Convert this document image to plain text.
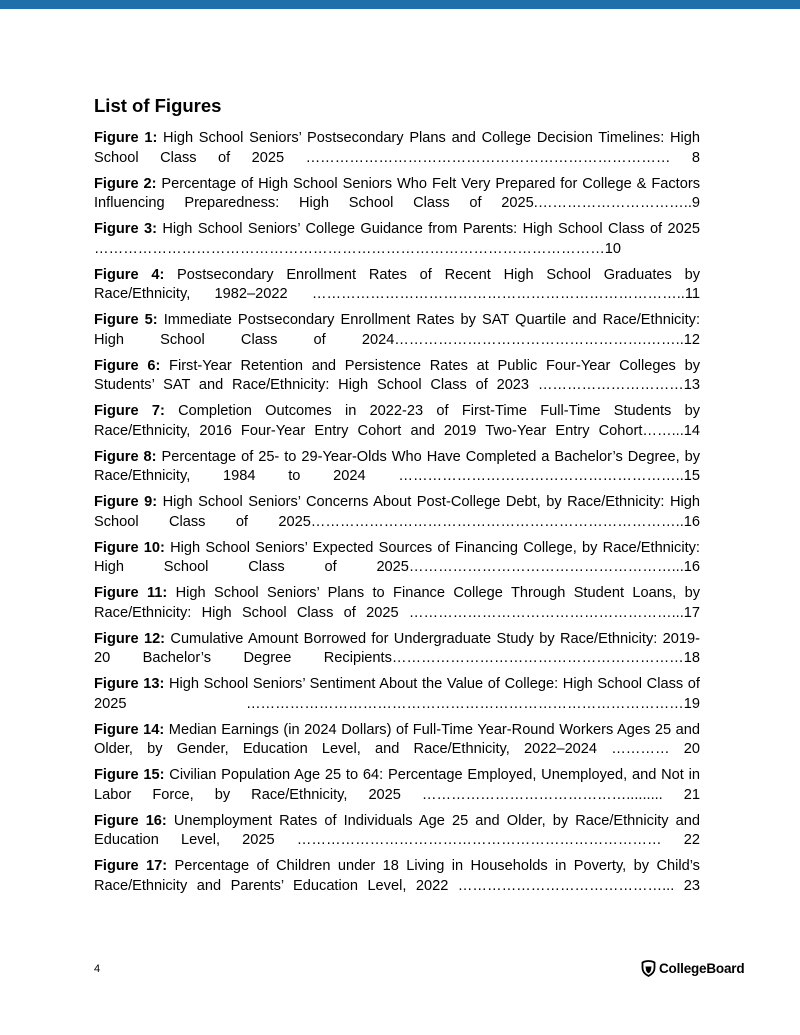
List of Figures

Figure 1: High School Seniors’ Postsecondary Plans and College Decision Timelines: High School Class of 2025 ………………………………………………………………… 8

Figure 2: Percentage of High School Seniors Who Felt Very Prepared for College & Factors Influencing Preparedness: High School Class of 2025.…………………………..9

Figure 3: High School Seniors’ College Guidance from Parents: High School Class of 2025 ……………………………………………………………………………………………10

Figure 4: Postsecondary Enrollment Rates of Recent High School Graduates by Race/Ethnicity, 1982–2022 …………………………………………………………………..11

Figure 5: Immediate Postsecondary Enrollment Rates by SAT Quartile and Race/Ethnicity: High School Class of 2024…………………………………………….……..12

Figure 6: First-Year Retention and Persistence Rates at Public Four-Year Colleges by Students’ SAT and Race/Ethnicity: High School Class of 2023 …………………………13

Figure 7: Completion Outcomes in 2022-23 of First-Time Full-Time Students by Race/Ethnicity, 2016 Four-Year Entry Cohort and 2019 Two-Year Entry Cohort……...14

Figure 8: Percentage of 25- to 29-Year-Olds Who Have Completed a Bachelor’s Degree, by Race/Ethnicity, 1984 to 2024 …………………………………………………..15

Figure 9: High School Seniors’ Concerns About Post-College Debt, by Race/Ethnicity: High School Class of 2025…………………………………………………………………..16

Figure 10: High School Seniors’ Expected Sources of Financing College, by Race/Ethnicity: High School Class of 2025………………………………………………...16

Figure 11: High School Seniors’ Plans to Finance College Through Student Loans, by Race/Ethnicity: High School Class of 2025 ………………………………………………...17

Figure 12: Cumulative Amount Borrowed for Undergraduate Study by Race/Ethnicity: 2019-20 Bachelor’s Degree Recipients……………………………………………………18

Figure 13: High School Seniors’ Sentiment About the Value of College: High School Class of 2025 ………………………………………………………………………………19

Figure 14: Median Earnings (in 2024 Dollars) of Full-Time Year-Round Workers Ages 25 and Older, by Gender, Education Level, and Race/Ethnicity, 2022–2024 ………… 20

Figure 15: Civilian Population Age 25 to 64: Percentage Employed, Unemployed, and Not in Labor Force, by Race/Ethnicity, 2025 ……………………………………......... 21

Figure 16: Unemployment Rates of Individuals Age 25 and Older, by Race/Ethnicity and Education Level, 2025 ………………………………………………………………… 22

Figure 17: Percentage of Children under 18 Living in Households in Poverty, by Child’s Race/Ethnicity and Parents’ Education Level, 2022 ……………………………………... 23

4	CollegeBoard
